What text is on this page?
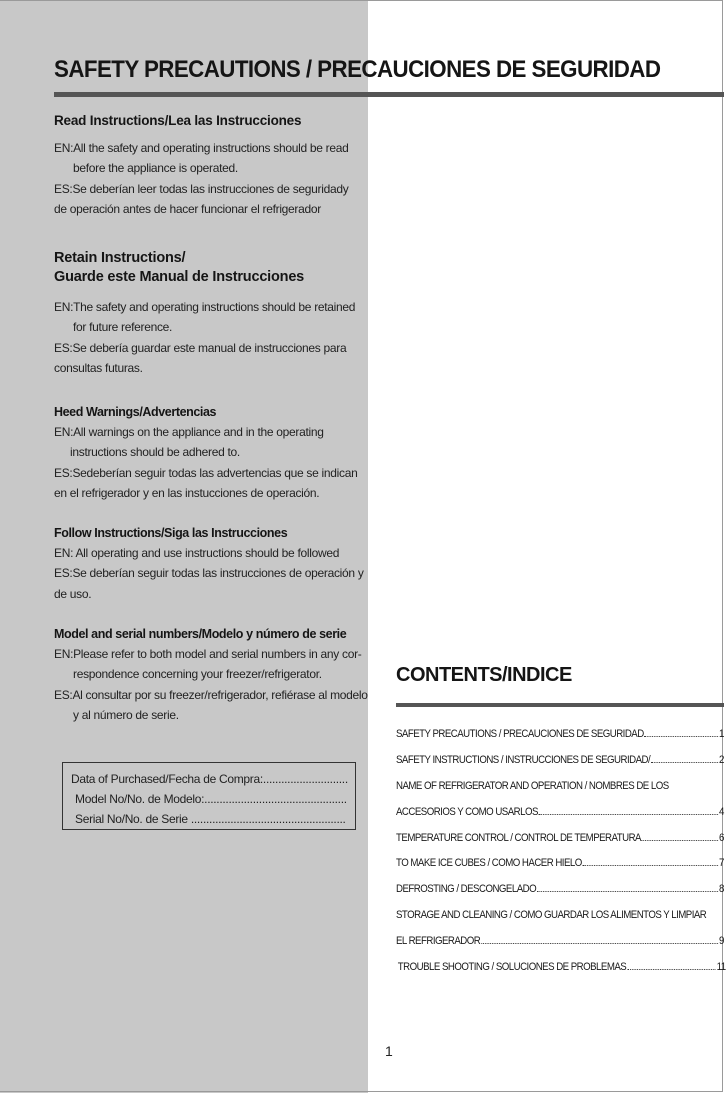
SAFETY PRECAUTIONS / PRECAUCIONES DE SEGURIDAD
Read Instructions/Lea las Instrucciones
EN:All the safety and operating instructions should be read
before the appliance is operated.
ES:Se deberían leer todas las instrucciones de seguridady
de operación antes de hacer funcionar el refrigerador
Retain Instructions/
Guarde este Manual de Instrucciones
EN:The safety and operating instructions should be retained
for future reference.
ES:Se debería guardar este manual de instrucciones para
consultas futuras.
Heed Warnings/Advertencias
EN:All warnings on the appliance and in the operating
instructions should be adhered to.
ES:Sedeberían seguir todas las advertencias que se indican
en el refrigerador y en las instucciones de operación.
Follow Instructions/Siga las Instrucciones
EN: All operating and use instructions should be followed
ES:Se deberían seguir todas las instrucciones de operación y
de uso.
Model and serial numbers/Modelo y número de serie
EN:Please refer to both model and serial numbers in any cor-
respondence concerning your freezer/refrigerator.
ES:Al consultar por su freezer/refrigerador, refiérase al modelo
y al número de serie.
Data of Purchased/Fecha de Compra:............................
Model No/No. de Modelo:...............................................
Serial No/No. de Serie ...................................................
CONTENTS/INDICE
SAFETY PRECAUTIONS / PRECAUCIONES DE SEGURIDAD	1
SAFETY INSTRUCTIONS / INSTRUCCIONES DE SEGURIDAD/	2
NAME OF REFRIGERATOR AND OPERATION / NOMBRES DE LOS
ACCESORIOS Y COMO USARLOS	4
TEMPERATURE CONTROL / CONTROL DE TEMPERATURA	6
TO MAKE ICE CUBES / COMO HACER HIELO	7
DEFROSTING / DESCONGELADO	8
STORAGE AND CLEANING / COMO GUARDAR LOS ALIMENTOS Y LIMPIAR
EL REFRIGERADOR	9
TROUBLE SHOOTING / SOLUCIONES DE PROBLEMAS	11
1
